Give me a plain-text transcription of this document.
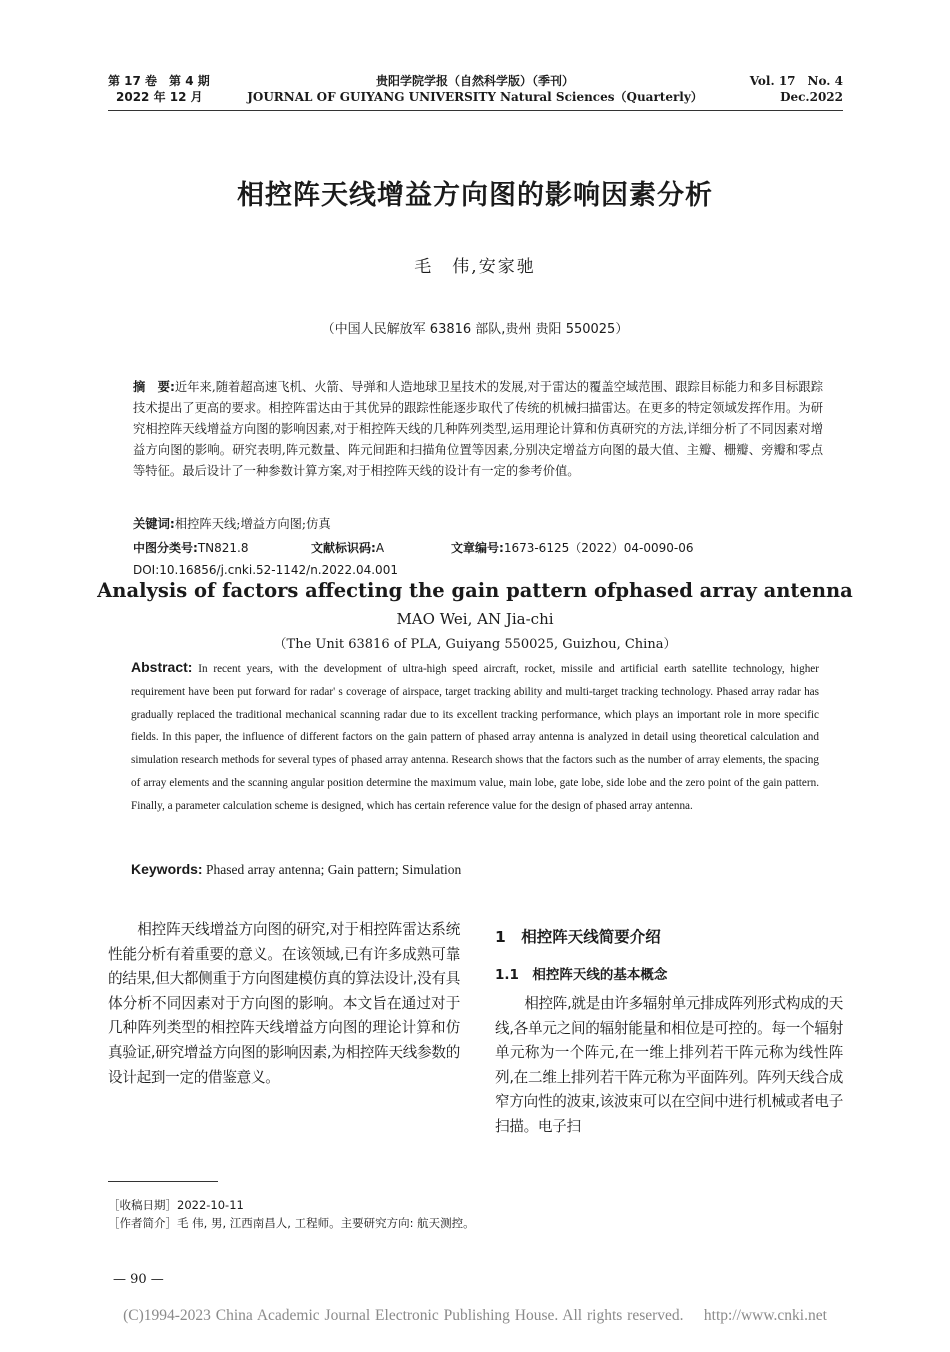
第 17 卷　第 4 期
2022 年 12 月
贵阳学院学报（自然科学版）（季刊）
JOURNAL OF GUIYANG UNIVERSITY Natural Sciences（Quarterly）
Vol. 17　No. 4
Dec.2022
相控阵天线增益方向图的影响因素分析
毛　伟,安家驰
（中国人民解放军 63816 部队,贵州 贵阳 550025）
摘　要:近年来,随着超高速飞机、火箭、导弹和人造地球卫星技术的发展,对于雷达的覆盖空域范围、跟踪目标能力和多目标跟踪技术提出了更高的要求。相控阵雷达由于其优异的跟踪性能逐步取代了传统的机械扫描雷达。在更多的特定领域发挥作用。为研究相控阵天线增益方向图的影响因素,对于相控阵天线的几种阵列类型,运用理论计算和仿真研究的方法,详细分析了不同因素对增益方向图的影响。研究表明,阵元数量、阵元间距和扫描角位置等因素,分别决定增益方向图的最大值、主瓣、栅瓣、旁瓣和零点等特征。最后设计了一种参数计算方案,对于相控阵天线的设计有一定的参考价值。
关键词:相控阵天线;增益方向图;仿真
中图分类号:TN821.8	文献标识码:A	文章编号:1673-6125（2022）04-0090-06
DOI:10.16856/j.cnki.52-1142/n.2022.04.001
Analysis of factors affecting the gain pattern ofphased array antenna
MAO Wei, AN Jia-chi
（The Unit 63816 of PLA, Guiyang 550025, Guizhou, China）
Abstract: In recent years, with the development of ultra-high speed aircraft, rocket, missile and artificial earth satellite technology, higher requirement have been put forward for radar' s coverage of airspace, target tracking ability and multi-target tracking technology. Phased array radar has gradually replaced the traditional mechanical scanning radar due to its excellent tracking performance, which plays an important role in more specific fields. In this paper, the influence of different factors on the gain pattern of phased array antenna is analyzed in detail using theoretical calculation and simulation research methods for several types of phased array antenna. Research shows that the factors such as the number of array elements, the spacing of array elements and the scanning angular position determine the maximum value, main lobe, gate lobe, side lobe and the zero point of the gain pattern. Finally, a parameter calculation scheme is designed, which has certain reference value for the design of phased array antenna.
Keywords: Phased array antenna; Gain pattern; Simulation
相控阵天线增益方向图的研究,对于相控阵雷达系统性能分析有着重要的意义。在该领域,已有许多成熟可靠的结果,但大都侧重于方向图建模仿真的算法设计,没有具体分析不同因素对于方向图的影响。本文旨在通过对于几种阵列类型的相控阵天线增益方向图的理论计算和仿真验证,研究增益方向图的影响因素,为相控阵天线参数的设计起到一定的借鉴意义。
1　相控阵天线简要介绍
1.1　相控阵天线的基本概念
相控阵,就是由许多辐射单元排成阵列形式构成的天线,各单元之间的辐射能量和相位是可控的。每一个辐射单元称为一个阵元,在一维上排列若干阵元称为线性阵列,在二维上排列若干阵元称为平面阵列。阵列天线合成窄方向性的波束,该波束可以在空间中进行机械或者电子扫描。电子扫
［收稿日期］2022-10-11
［作者简介］毛 伟, 男, 江西南昌人, 工程师。主要研究方向: 航天测控。
— 90 —
(C)1994-2023 China Academic Journal Electronic Publishing House. All rights reserved.　 http://www.cnki.net
